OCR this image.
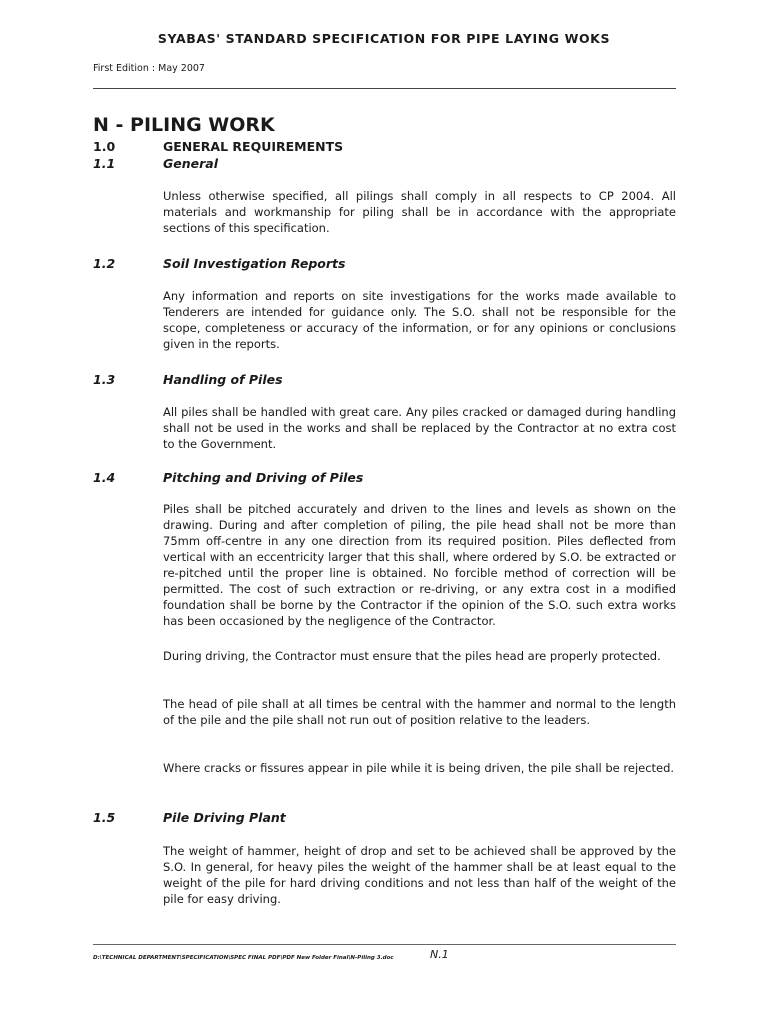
SYABAS' STANDARD SPECIFICATION FOR PIPE LAYING WOKS
First Edition : May 2007
N - PILING WORK
1.0	GENERAL REQUIREMENTS
1.1	General

Unless otherwise specified, all pilings shall comply in all respects to CP 2004. All materials and workmanship for piling shall be in accordance with the appropriate sections of this specification.

1.2	Soil Investigation Reports

Any information and reports on site investigations for the works made available to Tenderers are intended for guidance only. The S.O. shall not be responsible for the scope, completeness or accuracy of the information, or for any opinions or conclusions given in the reports.

1.3	Handling of Piles

All piles shall be handled with great care. Any piles cracked or damaged during handling shall not be used in the works and shall be replaced by the Contractor at no extra cost to the Government.

1.4	Pitching and Driving of Piles

Piles shall be pitched accurately and driven to the lines and levels as shown on the drawing. During and after completion of piling, the pile head shall not be more than 75mm off-centre in any one direction from its required position. Piles deflected from vertical with an eccentricity larger that this shall, where ordered by S.O. be extracted or re-pitched until the proper line is obtained. No forcible method of correction will be permitted. The cost of such extraction or re-driving, or any extra cost in a modified foundation shall be borne by the Contractor if the opinion of the S.O. such extra works has been occasioned by the negligence of the Contractor.

During driving, the Contractor must ensure that the piles head are properly protected.

The head of pile shall at all times be central with the hammer and normal to the length of the pile and the pile shall not run out of position relative to the leaders.

Where cracks or fissures appear in pile while it is being driven, the pile shall be rejected.

1.5	Pile Driving Plant

The weight of hammer, height of drop and set to be achieved shall be approved by the S.O. In general, for heavy piles the weight of the hammer shall be at least equal to the weight of the pile for hard driving conditions and not less than half of the weight of the pile for easy driving.

D:\TECHNICAL DEPARTMENT\SPECIFICATION\SPEC FINAL PDF\PDF New Folder Final\N-Piling 3.doc	N.1
